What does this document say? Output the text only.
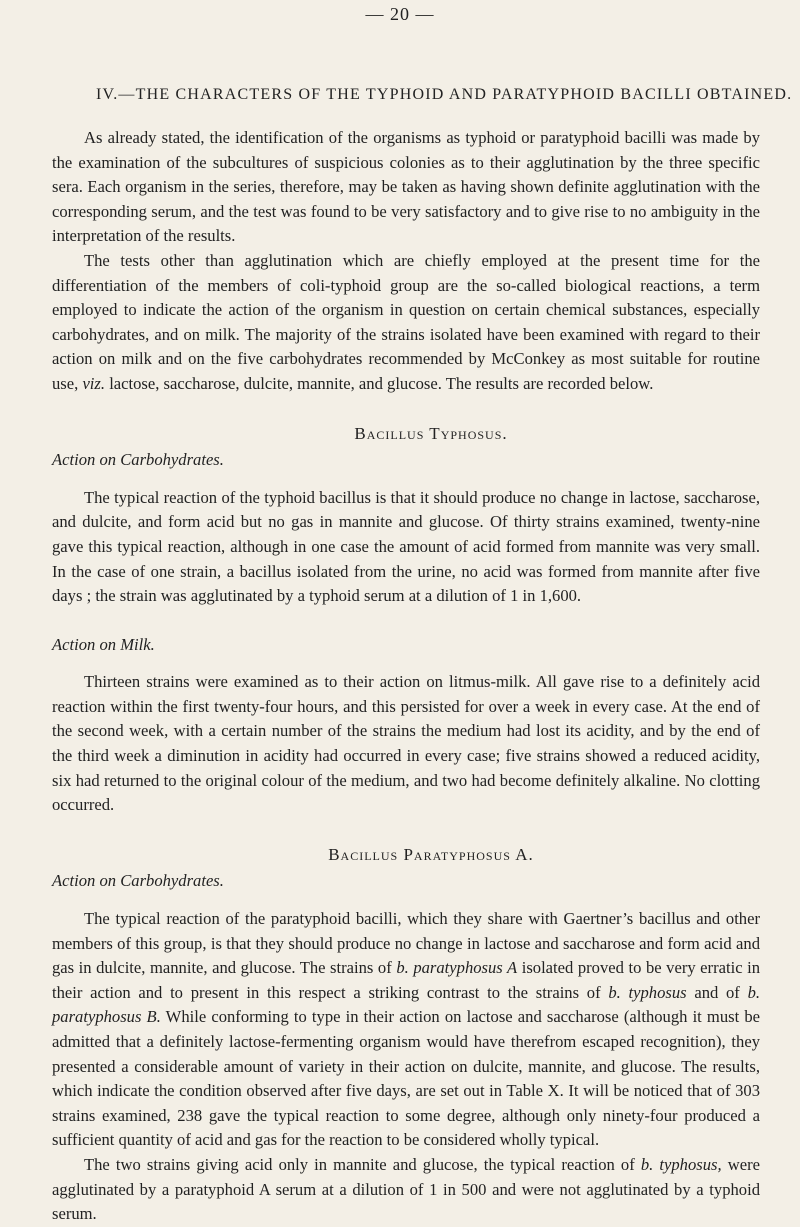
— 20 —
IV.—THE CHARACTERS OF THE TYPHOID AND PARATYPHOID BACILLI OBTAINED.

As already stated, the identification of the organisms as typhoid or paratyphoid bacilli was made by the examination of the subcultures of suspicious colonies as to their agglutination by the three specific sera. Each organism in the series, therefore, may be taken as having shown definite agglutination with the corresponding serum, and the test was found to be very satisfactory and to give rise to no ambiguity in the interpretation of the results.

The tests other than agglutination which are chiefly employed at the present time for the differentiation of the members of coli-typhoid group are the so-called biological reactions, a term employed to indicate the action of the organism in question on certain chemical substances, especially carbohydrates, and on milk. The majority of the strains isolated have been examined with regard to their action on milk and on the five carbohydrates recommended by McConkey as most suitable for routine use, viz. lactose, saccharose, dulcite, mannite, and glucose. The results are recorded below.

Bacillus Typhosus.
Action on Carbohydrates.

The typical reaction of the typhoid bacillus is that it should produce no change in lactose, saccharose, and dulcite, and form acid but no gas in mannite and glucose. Of thirty strains examined, twenty-nine gave this typical reaction, although in one case the amount of acid formed from mannite was very small. In the case of one strain, a bacillus isolated from the urine, no acid was formed from mannite after five days ; the strain was agglutinated by a typhoid serum at a dilution of 1 in 1,600.

Action on Milk.

Thirteen strains were examined as to their action on litmus-milk. All gave rise to a definitely acid reaction within the first twenty-four hours, and this persisted for over a week in every case. At the end of the second week, with a certain number of the strains the medium had lost its acidity, and by the end of the third week a diminution in acidity had occurred in every case; five strains showed a reduced acidity, six had returned to the original colour of the medium, and two had become definitely alkaline. No clotting occurred.

Bacillus Paratyphosus A.
Action on Carbohydrates.

The typical reaction of the paratyphoid bacilli, which they share with Gaertner’s bacillus and other members of this group, is that they should produce no change in lactose and saccharose and form acid and gas in dulcite, mannite, and glucose. The strains of b. paratyphosus A isolated proved to be very erratic in their action and to present in this respect a striking contrast to the strains of b. typhosus and of b. paratyphosus B. While conforming to type in their action on lactose and saccharose (although it must be admitted that a definitely lactose-fermenting organism would have therefrom escaped recognition), they presented a considerable amount of variety in their action on dulcite, mannite, and glucose. The results, which indicate the condition observed after five days, are set out in Table X. It will be noticed that of 303 strains examined, 238 gave the typical reaction to some degree, although only ninety-four produced a sufficient quantity of acid and gas for the reaction to be considered wholly typical.

The two strains giving acid only in mannite and glucose, the typical reaction of b. typhosus, were agglutinated by a paratyphoid A serum at a dilution of 1 in 500 and were not agglutinated by a typhoid serum.
